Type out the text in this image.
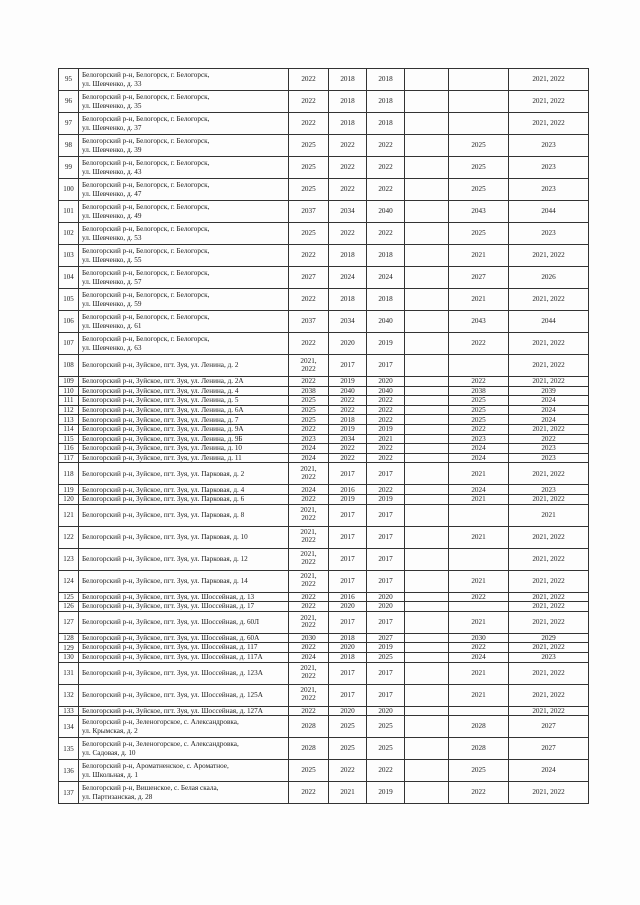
95	Белогорский р-н, Белогорск, г. Белогорск,
ул. Шевченко, д. 33	2022	2018	2018			2021, 2022
96	Белогорский р-н, Белогорск, г. Белогорск,
ул. Шевченко, д. 35	2022	2018	2018			2021, 2022
97	Белогорский р-н, Белогорск, г. Белогорск,
ул. Шевченко, д. 37	2022	2018	2018			2021, 2022
98	Белогорский р-н, Белогорск, г. Белогорск,
ул. Шевченко, д. 39	2025	2022	2022		2025	2023
99	Белогорский р-н, Белогорск, г. Белогорск,
ул. Шевченко, д. 43	2025	2022	2022		2025	2023
100	Белогорский р-н, Белогорск, г. Белогорск,
ул. Шевченко, д. 47	2025	2022	2022		2025	2023
101	Белогорский р-н, Белогорск, г. Белогорск,
ул. Шевченко, д. 49	2037	2034	2040		2043	2044
102	Белогорский р-н, Белогорск, г. Белогорск,
ул. Шевченко, д. 53	2025	2022	2022		2025	2023
103	Белогорский р-н, Белогорск, г. Белогорск,
ул. Шевченко, д. 55	2022	2018	2018		2021	2021, 2022
104	Белогорский р-н, Белогорск, г. Белогорск,
ул. Шевченко, д. 57	2027	2024	2024		2027	2026
105	Белогорский р-н, Белогорск, г. Белогорск,
ул. Шевченко, д. 59	2022	2018	2018		2021	2021, 2022
106	Белогорский р-н, Белогорск, г. Белогорск,
ул. Шевченко, д. 61	2037	2034	2040		2043	2044
107	Белогорский р-н, Белогорск, г. Белогорск,
ул. Шевченко, д. 63	2022	2020	2019		2022	2021, 2022
108	Белогорский р-н, Зуйское, пгт. Зуя, ул. Ленина, д. 2	2021,
2022	2017	2017			2021, 2022
109	Белогорский р-н, Зуйское, пгт. Зуя, ул. Ленина, д. 2А	2022	2019	2020		2022	2021, 2022
110	Белогорский р-н, Зуйское, пгт. Зуя, ул. Ленина, д. 4	2038	2040	2040		2038	2039
111	Белогорский р-н, Зуйское, пгт. Зуя, ул. Ленина, д. 5	2025	2022	2022		2025	2024
112	Белогорский р-н, Зуйское, пгт. Зуя, ул. Ленина, д. 6А	2025	2022	2022		2025	2024
113	Белогорский р-н, Зуйское, пгт. Зуя, ул. Ленина, д. 7	2025	2018	2022		2025	2024
114	Белогорский р-н, Зуйское, пгт. Зуя, ул. Ленина, д. 9А	2022	2019	2019		2022	2021, 2022
115	Белогорский р-н, Зуйское, пгт. Зуя, ул. Ленина, д. 9Б	2023	2034	2021		2023	2022
116	Белогорский р-н, Зуйское, пгт. Зуя, ул. Ленина, д. 10	2024	2022	2022		2024	2023
117	Белогорский р-н, Зуйское, пгт. Зуя, ул. Ленина, д. 11	2024	2022	2022		2024	2023
118	Белогорский р-н, Зуйское, пгт. Зуя, ул. Парковая, д. 2	2021,
2022	2017	2017		2021	2021, 2022
119	Белогорский р-н, Зуйское, пгт. Зуя, ул. Парковая, д. 4	2024	2016	2022		2024	2023
120	Белогорский р-н, Зуйское, пгт. Зуя, ул. Парковая, д. 6	2022	2019	2019		2021	2021, 2022
121	Белогорский р-н, Зуйское, пгт. Зуя, ул. Парковая, д. 8	2021,
2022	2017	2017			2021
122	Белогорский р-н, Зуйское, пгт. Зуя, ул. Парковая, д. 10	2021,
2022	2017	2017		2021	2021, 2022
123	Белогорский р-н, Зуйское, пгт. Зуя, ул. Парковая, д. 12	2021,
2022	2017	2017			2021, 2022
124	Белогорский р-н, Зуйское, пгт. Зуя, ул. Парковая, д. 14	2021,
2022	2017	2017		2021	2021, 2022
125	Белогорский р-н, Зуйское, пгт. Зуя, ул. Шоссейная, д. 13	2022	2016	2020		2022	2021, 2022
126	Белогорский р-н, Зуйское, пгт. Зуя, ул. Шоссейная, д. 17	2022	2020	2020			2021, 2022
127	Белогорский р-н, Зуйское, пгт. Зуя, ул. Шоссейная, д. 60Л	2021,
2022	2017	2017		2021	2021, 2022
128	Белогорский р-н, Зуйское, пгт. Зуя, ул. Шоссейная, д. 60А	2030	2018	2027		2030	2029
129	Белогорский р-н, Зуйское, пгт. Зуя, ул. Шоссейная, д. 117	2022	2020	2019		2022	2021, 2022
130	Белогорский р-н, Зуйское, пгт. Зуя, ул. Шоссейная, д. 117А	2024	2018	2025		2024	2023
131	Белогорский р-н, Зуйское, пгт. Зуя, ул. Шоссейная, д. 123А	2021,
2022	2017	2017		2021	2021, 2022
132	Белогорский р-н, Зуйское, пгт. Зуя, ул. Шоссейная, д. 125А	2021,
2022	2017	2017		2021	2021, 2022
133	Белогорский р-н, Зуйское, пгт. Зуя, ул. Шоссейная, д. 127А	2022	2020	2020			2021, 2022
134	Белогорский р-н, Зеленогорское, с. Александровка,
ул. Крымская, д. 2	2028	2025	2025		2028	2027
135	Белогорский р-н, Зеленогорское, с. Александровка,
ул. Садовая, д. 10	2028	2025	2025		2028	2027
136	Белогорский р-н, Ароматненское, с. Ароматное,
ул. Школьная, д. 1	2025	2022	2022		2025	2024
137	Белогорский р-н, Вишенское, с. Белая скала,
ул. Партизанская, д. 28	2022	2021	2019		2022	2021, 2022
